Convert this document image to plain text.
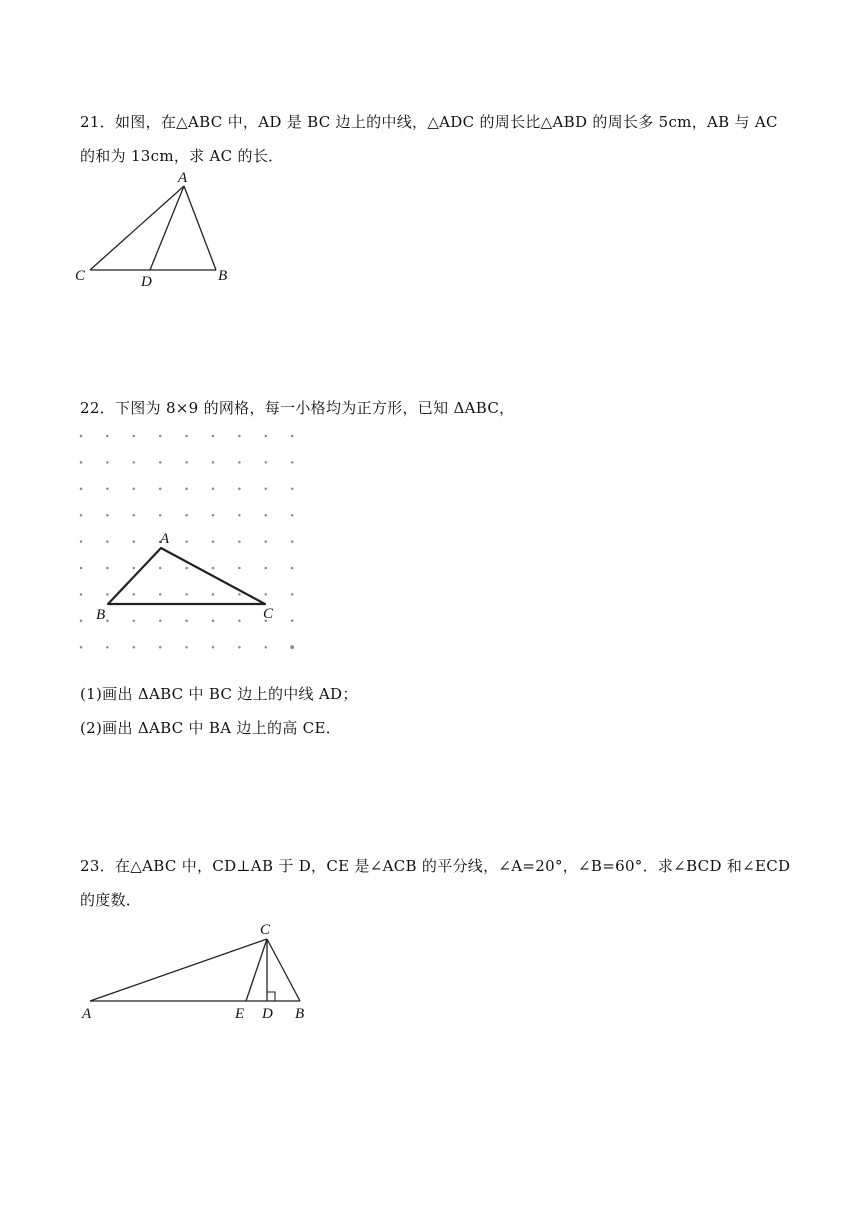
21．如图，在△ABC 中，AD 是 BC 边上的中线，△ADC 的周长比△ABD 的周长多 5cm，AB 与 AC
的和为 13cm，求 AC 的长．
A
C	D	B
22．下图为 8×9 的网格，每一小格均为正方形，已知 ΔABC，
A
B	C
(1)画出 ΔABC 中 BC 边上的中线 AD；
(2)画出 ΔABC 中 BA 边上的高 CE．
23．在△ABC 中，CD⊥AB 于 D，CE 是∠ACB 的平分线，∠A=20°，∠B=60°．求∠BCD 和∠ECD
的度数．
C
A	E D B
